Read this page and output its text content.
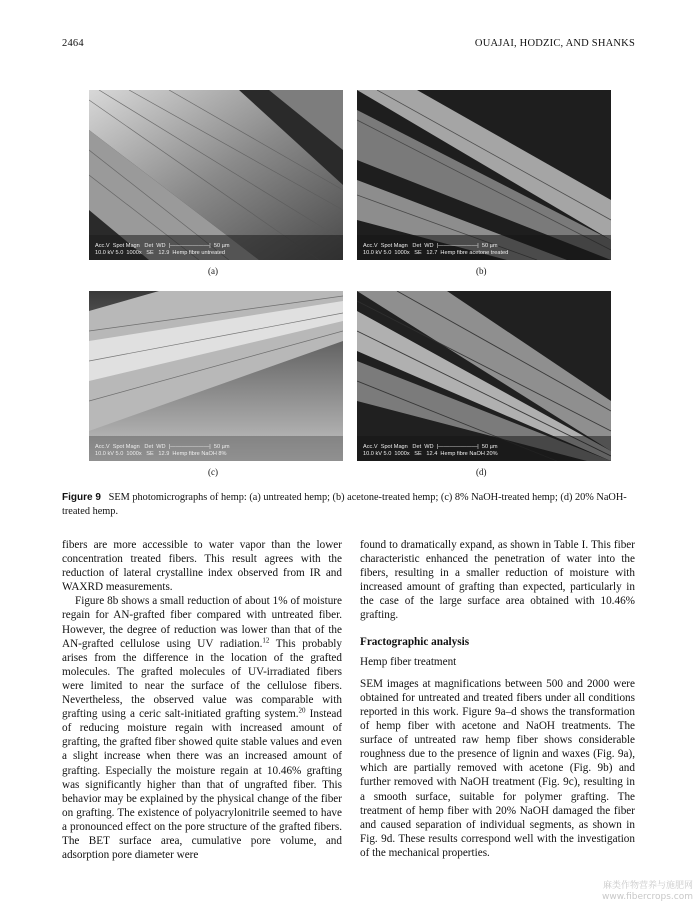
2464	OUAJAI, HODZIC, AND SHANKS
Acc.V  Spot Magn   Det  WD  |———————|  50 µm
10.0 kV 5.0  1000x   SE   12.9  Hemp fibre untreated
(a)
Acc.V  Spot Magn   Det  WD  |———————|  50 µm
10.0 kV 5.0  1000x   SE   12.7  Hemp fibre acetone treated
(b)
Acc.V  Spot Magn   Det  WD  |———————|  50 µm
10.0 kV 5.0  1000x   SE   12.9  Hemp fibre NaOH 8%
(c)
Acc.V  Spot Magn   Det  WD  |———————|  50 µm
10.0 kV 5.0  1000x   SE   12.4  Hemp fibre NaOH 20%
(d)
Figure 9 SEM photomicrographs of hemp: (a) untreated hemp; (b) acetone-treated hemp; (c) 8% NaOH-treated hemp; (d) 20% NaOH-treated hemp.

fibers are more accessible to water vapor than the lower concentration treated fibers. This result agrees with the reduction of lateral crystalline index observed from IR and WAXRD measurements.

Figure 8b shows a small reduction of about 1% of moisture regain for AN-grafted fiber compared with untreated fiber. However, the degree of reduction was lower than that of the AN-grafted cellulose using UV radiation.$^{12}$ This probably arises from the difference in the location of the grafted molecules. The grafted molecules of UV-irradiated fibers were limited to near the surface of the cellulose fibers. Nevertheless, the observed value was comparable with grafting using a ceric salt-initiated grafting system.$^{20}$ Instead of reducing moisture regain with increased amount of grafting, the grafted fiber showed quite stable values and even a slight increase when there was an increased amount of grafting. Especially the moisture regain at 10.46% grafting was significantly higher than that of ungrafted fiber. This behavior may be explained by the physical change of the fiber on grafting. The existence of polyacrylonitrile seemed to have a pronounced effect on the pore structure of the grafted fibers. The BET surface area, cumulative pore volume, and adsorption pore diameter were

found to dramatically expand, as shown in Table I. This fiber characteristic enhanced the penetration of water into the fibers, resulting in a smaller reduction of moisture with increased amount of grafting than expected, particularly in the case of the large surface area obtained with 10.46% grafting.

Fractographic analysis

Hemp fiber treatment

SEM images at magnifications between 500 and 2000 were obtained for untreated and treated fibers under all conditions reported in this work. Figure 9a–d shows the transformation of hemp fiber with acetone and NaOH treatments. The surface of untreated raw hemp fiber shows considerable roughness due to the presence of lignin and waxes (Fig. 9a), which are partially removed with acetone (Fig. 9b) and further removed with NaOH treatment (Fig. 9c), resulting in a smooth surface, suitable for polymer grafting. The treatment of hemp fiber with 20% NaOH damaged the fiber and caused separation of individual segments, as shown in Fig. 9d. These results correspond well with the investigation of the mechanical properties.

麻类作物营养与施肥网
www.fibercrops.com
